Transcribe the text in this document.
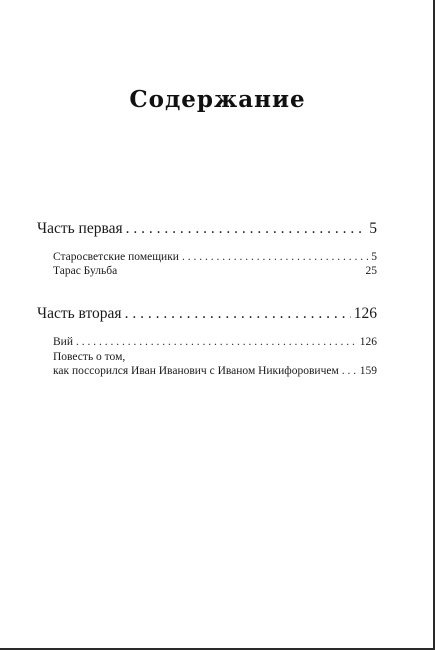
Содержание
Часть первая . . .	5
Старосветские помещики . . .	5
Тарас Бульба	25
Часть вторая . . .	126
Вий . . .	126
Повесть о том,
как поссорился Иван Иванович с Иваном Никифоровичем . . . 159
